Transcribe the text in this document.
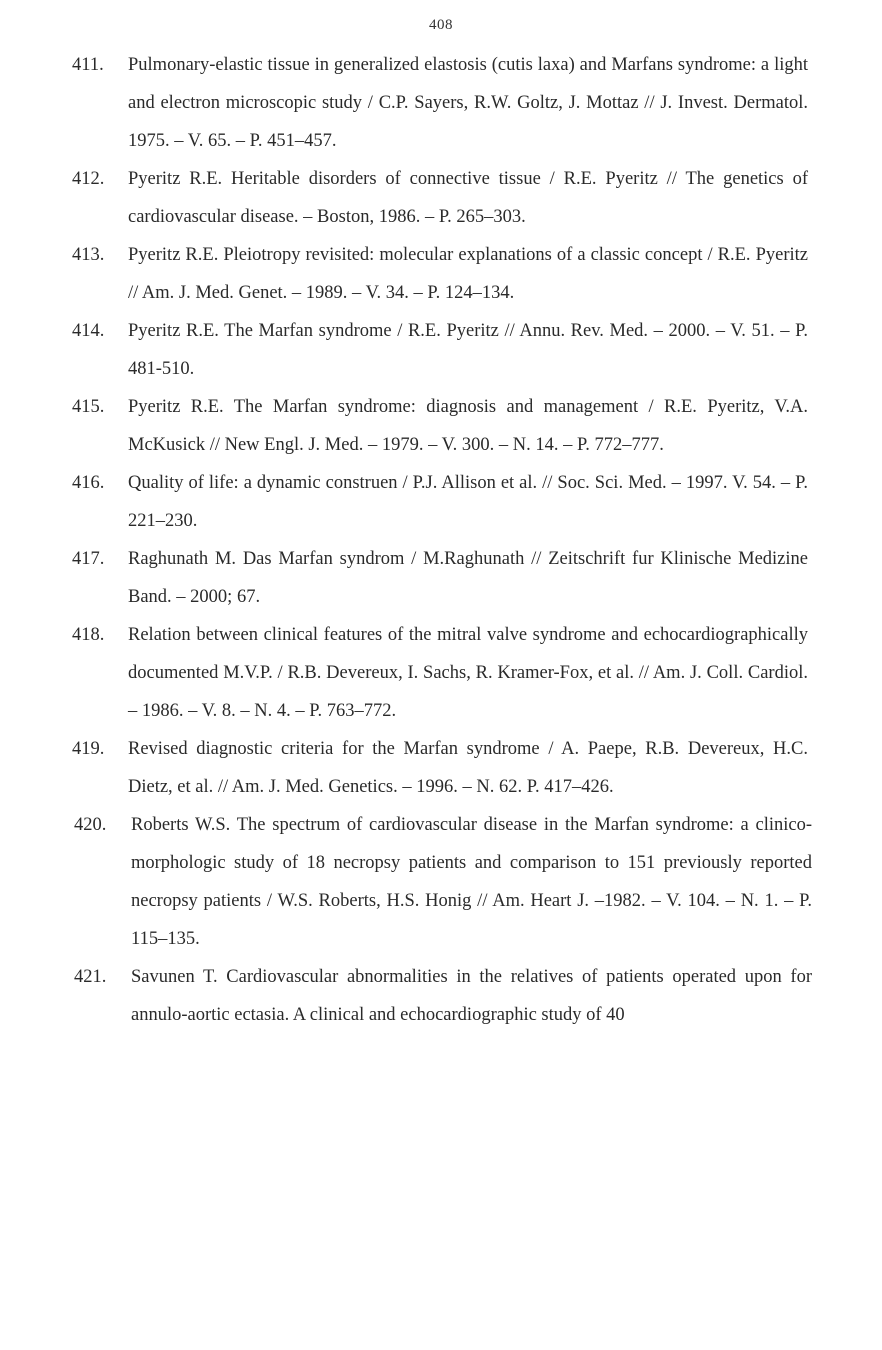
408
411. Pulmonary-elastic tissue in generalized elastosis (cutis laxa) and Marfans syndrome: a light and electron microscopic study / C.P. Sayers, R.W. Goltz, J. Mottaz // J. Invest. Dermatol. 1975. – V. 65. – P. 451–457.
412. Pyeritz R.E. Heritable disorders of connective tissue / R.E. Pyeritz // The genetics of cardiovascular disease. – Boston, 1986. – P. 265–303.
413. Pyeritz R.E. Pleiotropy revisited: molecular explanations of a classic concept / R.E. Pyeritz // Am. J. Med. Genet. – 1989. – V. 34. – P. 124–134.
414. Pyeritz R.E. The Marfan syndrome / R.E. Pyeritz // Annu. Rev. Med. – 2000. – V. 51. – P. 481-510.
415. Pyeritz R.E. The Marfan syndrome: diagnosis and management / R.E. Pyeritz, V.A. McKusick // New Engl. J. Med. – 1979. – V. 300. – N. 14. – P. 772–777.
416. Quality of life: a dynamic construen / P.J. Allison et al. // Soc. Sci. Med. – 1997. V. 54. – P. 221–230.
417. Raghunath M. Das Marfan syndrom / M.Raghunath // Zeitschrift fur Klinische Medizine Band. – 2000; 67.
418. Relation between clinical features of the mitral valve syndrome and echocardiographically documented M.V.P. / R.B. Devereux, I. Sachs, R. Kramer-Fox, et al. // Am. J. Coll. Cardiol. – 1986. – V. 8. – N. 4. – P. 763–772.
419. Revised diagnostic criteria for the Marfan syndrome / A. Paepe, R.B. Devereux, H.C. Dietz, et al. // Am. J. Med. Genetics. – 1996. – N. 62. P. 417–426.
420. Roberts W.S. The spectrum of cardiovascular disease in the Marfan syndrome: a clinico-morphologic study of 18 necropsy patients and comparison to 151 previously reported necropsy patients / W.S. Roberts, H.S. Honig // Am. Heart J. –1982. – V. 104. – N. 1. – P. 115–135.
421. Savunen T. Cardiovascular abnormalities in the relatives of patients operated upon for annulo-aortic ectasia. A clinical and echocardiographic study of 40
